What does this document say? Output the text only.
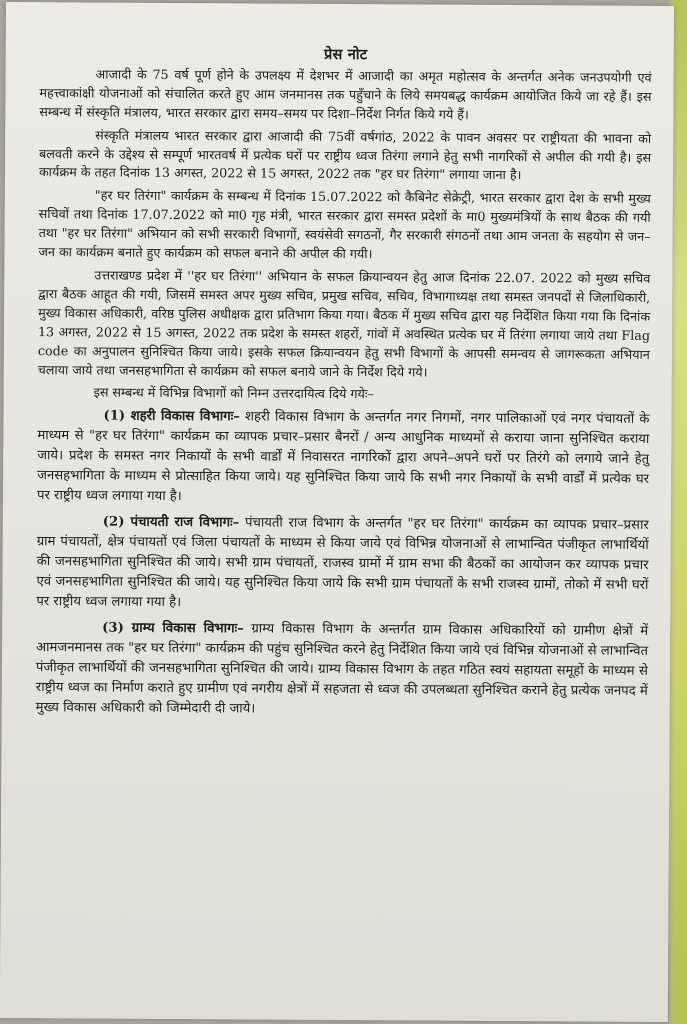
प्रेस नोट

आजादी के 75 वर्ष पूर्ण होने के उपलक्ष्य में देशभर में आजादी का अमृत महोत्सव के अन्तर्गत अनेक जनउपयोगी एवं महत्त्वाकांक्षी योजनाओं को संचालित करते हुए आम जनमानस तक पहुँचाने के लिये समयबद्ध कार्यक्रम आयोजित किये जा रहे हैं। इस सम्बन्ध में संस्कृति मंत्रालय, भारत सरकार द्वारा समय–समय पर दिशा–निर्देश निर्गत किये गये हैं।

संस्कृति मंत्रालय भारत सरकार द्वारा आजादी की 75वीं वर्षगांठ, 2022 के पावन अवसर पर राष्ट्रीयता की भावना को बलवती करने के उद्देश्य से सम्पूर्ण भारतवर्ष में प्रत्येक घरों पर राष्ट्रीय ध्वज तिरंगा लगाने हेतु सभी नागरिकों से अपील की गयी है। इस कार्यक्रम के तहत दिनांक 13 अगस्त, 2022 से 15 अगस्त, 2022 तक "हर घर तिरंगा" लगाया जाना है।

"हर घर तिरंगा" कार्यक्रम के सम्बन्ध में दिनांक 15.07.2022 को कैबिनेट सेक्रेट्री, भारत सरकार द्वारा देश के सभी मुख्य सचिवों तथा दिनांक 17.07.2022 को मा0 गृह मंत्री, भारत सरकार द्वारा समस्त प्रदेशों के मा0 मुख्यमंत्रियों के साथ बैठक की गयी तथा "हर घर तिरंगा" अभियान को सभी सरकारी विभागों, स्वयंसेवी सगठनों, गैर सरकारी संगठनों तथा आम जनता के सहयोग से जन–जन का कार्यक्रम बनाते हुए कार्यक्रम को सफल बनाने की अपील की गयी।

उत्तराखण्ड प्रदेश में ''हर घर तिरंगा'' अभियान के सफल क्रियान्वयन हेतु आज दिनांक 22.07. 2022 को मुख्य सचिव द्वारा बैठक आहूत की गयी, जिसमें समस्त अपर मुख्य सचिव, प्रमुख सचिव, सचिव, विभागाध्यक्ष तथा समस्त जनपदों से जिलाधिकारी, मुख्य विकास अधिकारी, वरिष्ठ पुलिस अधीक्षक द्वारा प्रतिभाग किया गया। बैठक में मुख्य सचिव द्वारा यह निर्देशित किया गया कि दिनांक 13 अगस्त, 2022 से 15 अगस्त, 2022 तक प्रदेश के समस्त शहरों, गांवों में अवस्थित प्रत्येक घर में तिरंगा लगाया जाये तथा Flag code का अनुपालन सुनिश्चित किया जाये। इसके सफल क्रियान्वयन हेतु सभी विभागों के आपसी समन्वय से जागरूकता अभियान चलाया जाये तथा जनसहभागिता से कार्यक्रम को सफल बनाये जाने के निर्देश दिये गये।

इस सम्बन्ध में विभिन्न विभागों को निम्न उत्तरदायित्व दिये गयेः–

(1) शहरी विकास विभागः– शहरी विकास विभाग के अन्तर्गत नगर निगमों, नगर पालिकाओं एवं नगर पंचायतों के माध्यम से "हर घर तिरंगा" कार्यक्रम का व्यापक प्रचार–प्रसार बैनरों / अन्य आधुनिक माध्यमों से कराया जाना सुनिश्चित कराया जाये। प्रदेश के समस्त नगर निकायों के सभी वार्डों में निवासरत नागरिकों द्वारा अपने–अपने घरों पर तिरंगे को लगाये जाने हेतु जनसहभागिता के माध्यम से प्रोत्साहित किया जाये। यह सुनिश्चित किया जाये कि सभी नगर निकायों के सभी वार्डों में प्रत्येक घर पर राष्ट्रीय ध्वज लगाया गया है।

(2) पंचायती राज विभागः– पंचायती राज विभाग के अन्तर्गत "हर घर तिरंगा" कार्यक्रम का व्यापक प्रचार–प्रसार ग्राम पंचायतों, क्षेत्र पंचायतों एवं जिला पंचायतों के माध्यम से किया जाये एवं विभिन्न योजनाओं से लाभान्वित पंजीकृत लाभार्थियों की जनसहभागिता सुनिश्चित की जाये। सभी ग्राम पंचायतों, राजस्व ग्रामों में ग्राम सभा की बैठकों का आयोजन कर व्यापक प्रचार एवं जनसहभागिता सुनिश्चित की जाये। यह सुनिश्चित किया जाये कि सभी ग्राम पंचायतों के सभी राजस्व ग्रामों, तोको में सभी घरों पर राष्ट्रीय ध्वज लगाया गया है।

(3) ग्राम्य विकास विभागः– ग्राम्य विकास विभाग के अन्तर्गत ग्राम विकास अधिकारियों को ग्रामीण क्षेत्रों में आमजनमानस तक "हर घर तिरंगा" कार्यक्रम की पहुंच सुनिश्चित करने हेतु निर्देशित किया जाये एवं विभिन्न योजनाओं से लाभान्वित पंजीकृत लाभार्थियों की जनसहभागिता सुनिश्चित की जाये। ग्राम्य विकास विभाग के तहत गठित स्वयं सहायता समूहों के माध्यम से राष्ट्रीय ध्वज का निर्माण कराते हुए ग्रामीण एवं नगरीय क्षेत्रों में सहजता से ध्वज की उपलब्धता सुनिश्चित कराने हेतु प्रत्येक जनपद में मुख्य विकास अधिकारी को जिम्मेदारी दी जाये।
